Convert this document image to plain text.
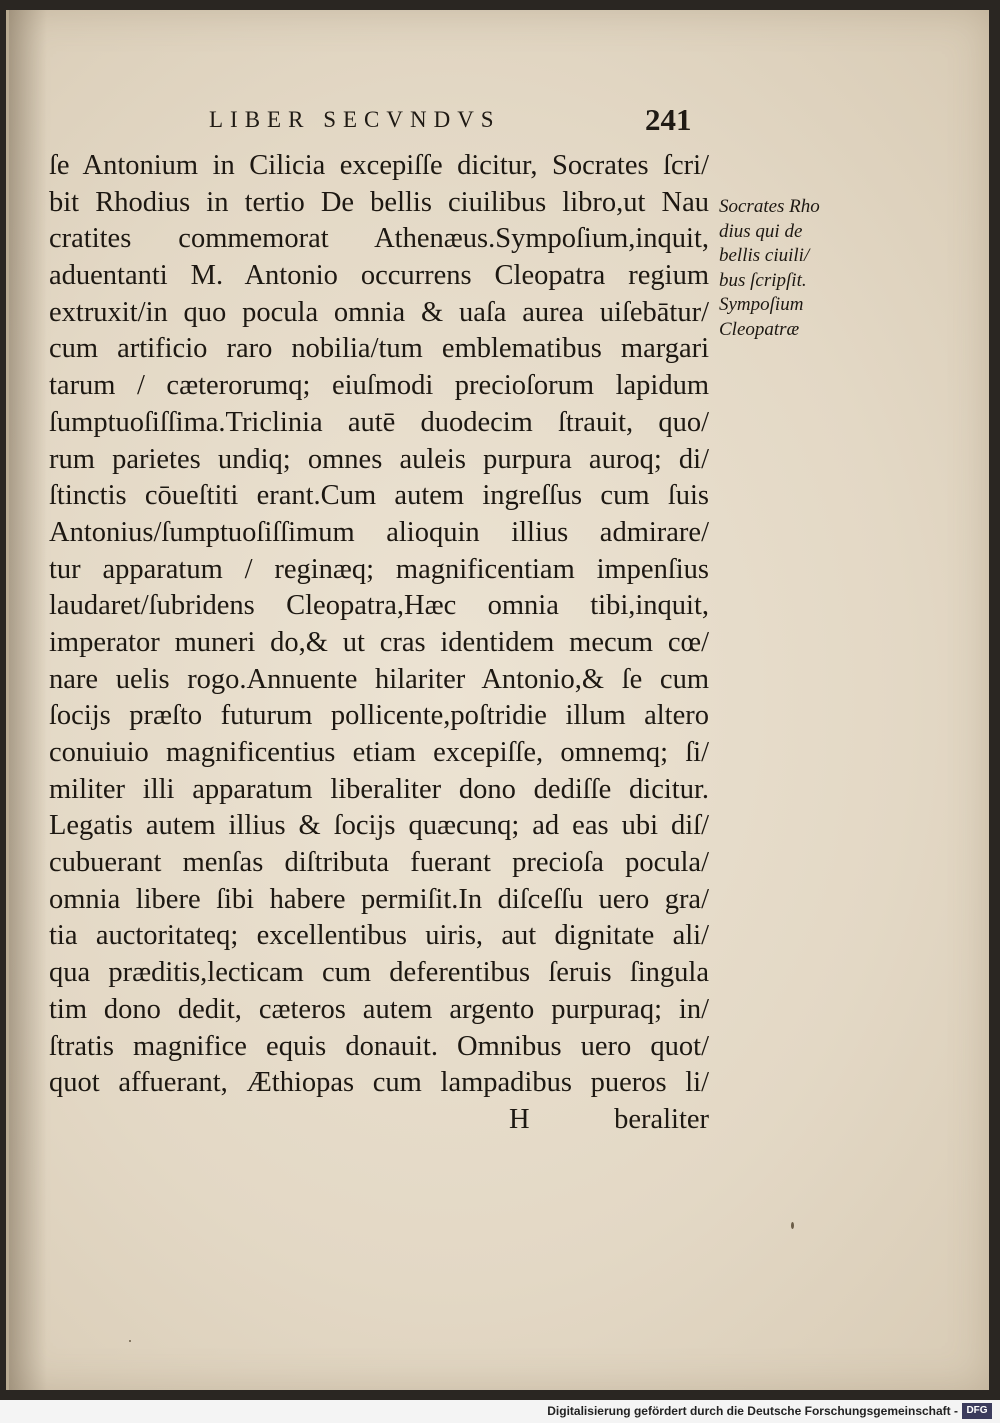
LIBER SECVNDVS	241
ſe Antonium in Cilicia excepiſſe dicitur, Socrates ſcri/
bit Rhodius in tertio De bellis ciuilibus libro,ut Nau
cratites commemorat Athenæus.Sympoſium,inquit,
aduentanti M. Antonio occurrens Cleopatra regium
extruxit/in quo pocula omnia & uaſa aurea uiſebātur/
cum artificio raro nobilia/tum emblematibus margari
tarum / cæterorumq; eiuſmodi precioſorum lapidum
ſumptuoſiſſima.Triclinia autē duodecim ſtrauit, quo/
rum parietes undiq; omnes auleis purpura auroq; di/
ſtinctis cōueſtiti erant.Cum autem ingreſſus cum ſuis
Antonius/ſumptuoſiſſimum alioquin illius admirare/
tur apparatum / reginæq; magnificentiam impenſius
laudaret/ſubridens Cleopatra,Hæc omnia tibi,inquit,
imperator muneri do,& ut cras identidem mecum cœ/
nare uelis rogo.Annuente hilariter Antonio,& ſe cum
ſocijs præſto futurum pollicente,poſtridie illum altero
conuiuio magnificentius etiam excepiſſe, omnemq; ſi/
militer illi apparatum liberaliter dono dediſſe dicitur.
Legatis autem illius & ſocijs quæcunq; ad eas ubi diſ/
cubuerant menſas diſtributa fuerant precioſa pocula/
omnia libere ſibi habere permiſit.In diſceſſu uero gra/
tia auctoritateq; excellentibus uiris, aut dignitate ali/
qua præditis,lecticam cum deferentibus ſeruis ſingula
tim dono dedit, cæteros autem argento purpuraq; in/
ſtratis magnifice equis donauit. Omnibus uero quot/
quot affuerant, Æthiopas cum lampadibus pueros li/
H	beraliter
Socrates Rho
dius qui de
bellis ciuili/
bus ſcripſit.
Sympoſium
Cleopatræ
Digitalisierung gefördert durch die Deutsche Forschungsgemeinschaft - DFG
